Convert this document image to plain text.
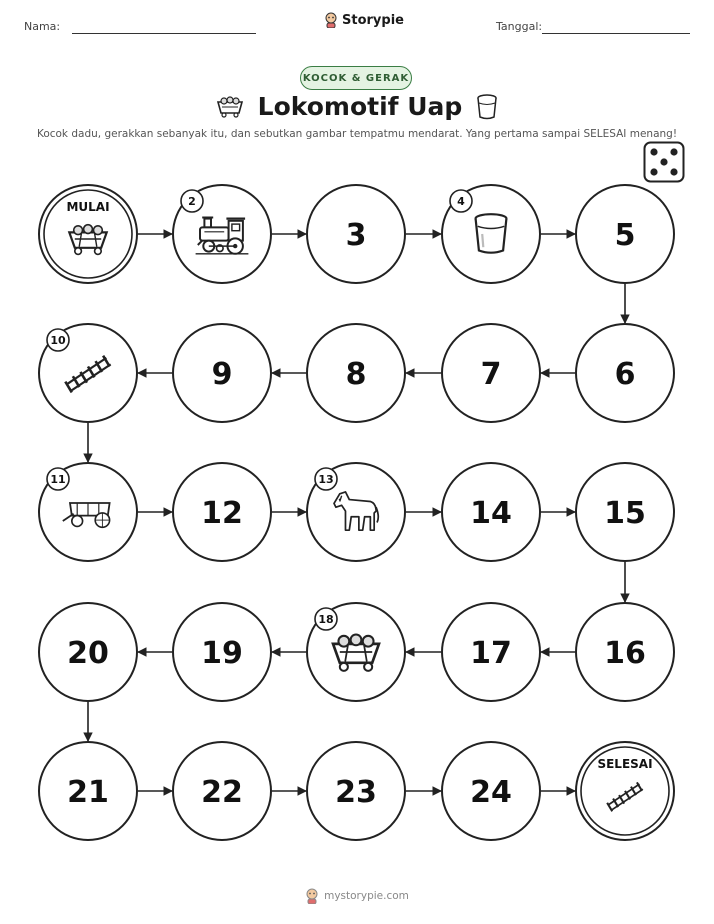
Nama:	Storypie	Tanggal:
KOCOK & GERAK
Lokomotif Uap
Kocok dadu, gerakkan sebanyak itu, dan sebutkan gambar tempatmu mendarat. Yang pertama sampai SELESAI menang!
MULAI	2
3
4
5
6
7
8
9
10
11
12
13
14	15
16
17
18
19
20
21	22	23	24
SELESAI
mystorypie.com
